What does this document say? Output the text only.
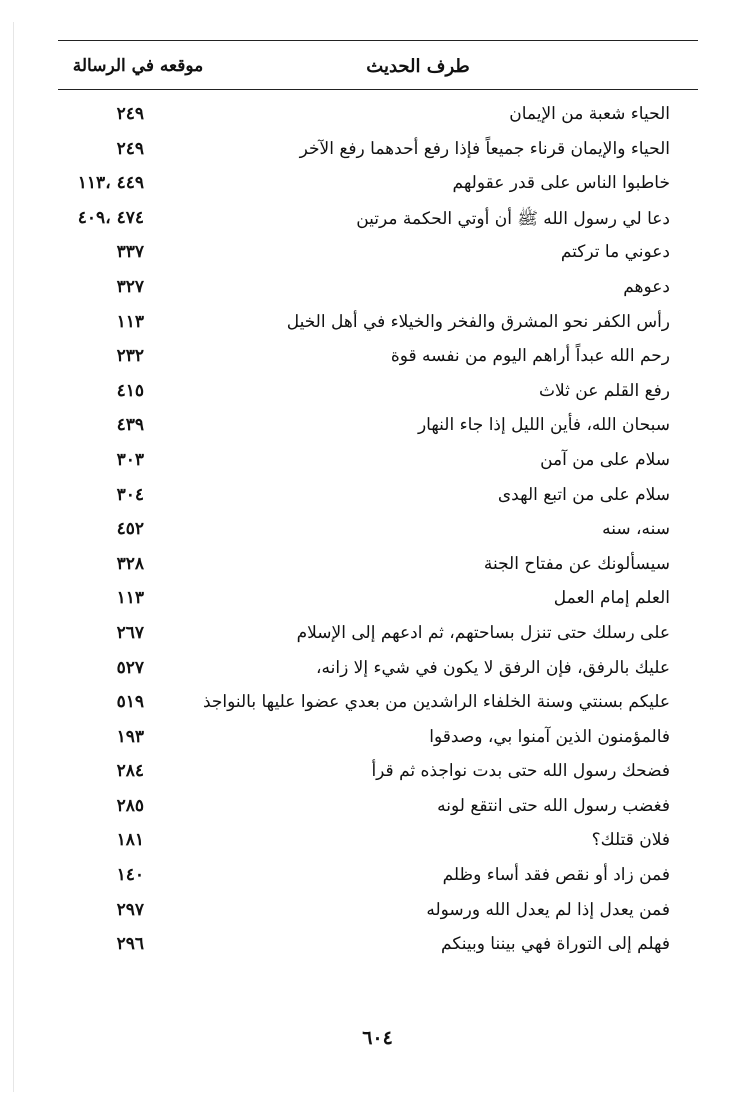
طرف الحديث
موقعه في الرسالة
الحياء شعبة من الإيمان
٢٤٩
الحياء والإيمان قرناء جميعاً فإذا رفع أحدهما رفع الآخر
٢٤٩
خاطبوا الناس على قدر عقولهم
٤٤٩ ،١١٣
دعا لي رسول الله ﷺ أن أوتي الحكمة مرتين
٤٧٤ ،٤٠٩
دعوني ما تركتم
٣٣٧
دعوهم
٣٢٧
رأس الكفر نحو المشرق والفخر والخيلاء في أهل الخيل
١١٣
رحم الله عبداً أراهم اليوم من نفسه قوة
٢٣٢
رفع القلم عن ثلاث
٤١٥
سبحان الله، فأين الليل إذا جاء النهار
٤٣٩
سلام على من آمن
٣٠٣
سلام على من اتبع الهدى
٣٠٤
سنه، سنه
٤٥٢
سيسألونك عن مفتاح الجنة
٣٢٨
العلم إمام العمل
١١٣
على رسلك حتى تنزل بساحتهم، ثم ادعهم إلى الإسلام
٢٦٧
عليك بالرفق، فإن الرفق لا يكون في شيء إلا زانه،
٥٢٧
عليكم بسنتي وسنة الخلفاء الراشدين من بعدي عضوا عليها بالنواجذ
٥١٩
فالمؤمنون الذين آمنوا بي، وصدقوا
١٩٣
فضحك رسول الله حتى بدت نواجذه ثم قرأ
٢٨٤
فغضب رسول الله حتى انتقع لونه
٢٨٥
فلان قتلك؟
١٨١
فمن زاد أو نقص فقد أساء وظلم
١٤٠
فمن يعدل إذا لم يعدل الله ورسوله
٢٩٧
فهلم إلى التوراة فهي بيننا وبينكم
٢٩٦
٦٠٤
